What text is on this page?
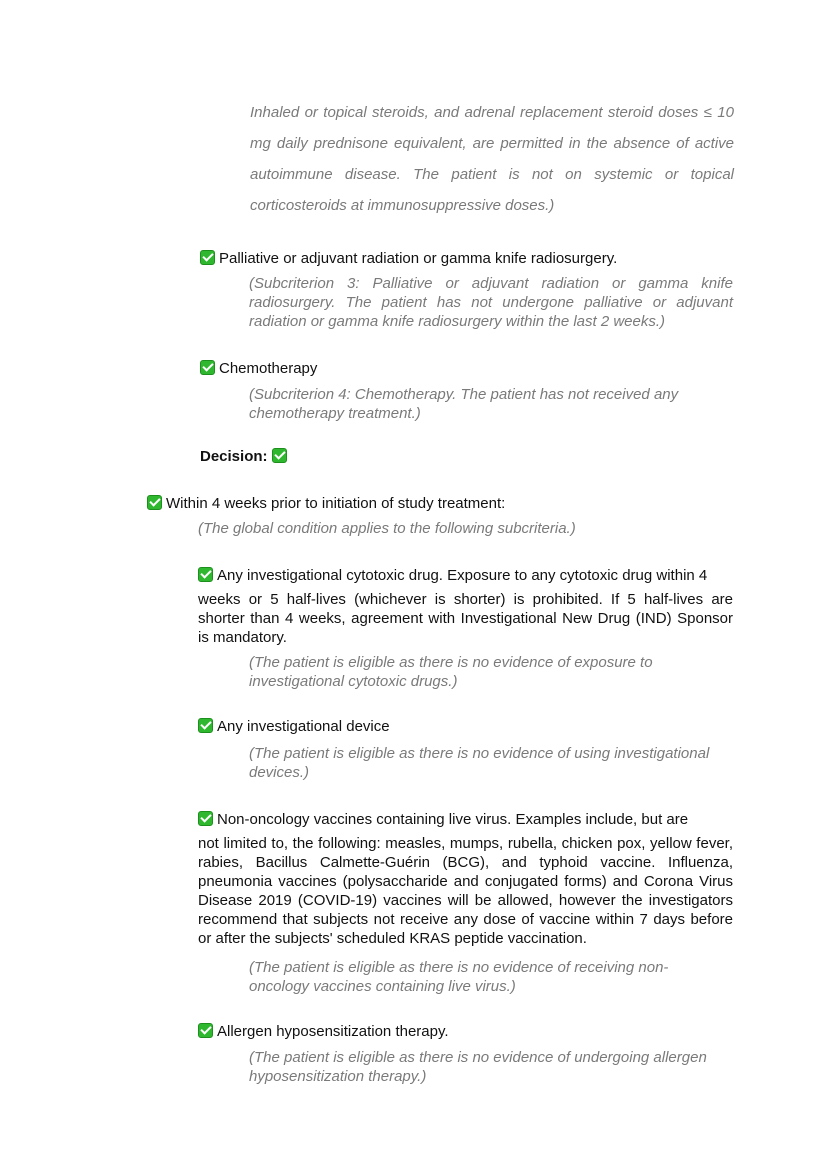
Inhaled or topical steroids, and adrenal replacement steroid doses ≤ 10 mg daily prednisone equivalent, are permitted in the absence of active autoimmune disease. The patient is not on systemic or topical corticosteroids at immunosuppressive doses.)

Palliative or adjuvant radiation or gamma knife radiosurgery.

(Subcriterion 3: Palliative or adjuvant radiation or gamma knife radiosurgery. The patient has not undergone palliative or adjuvant radiation or gamma knife radiosurgery within the last 2 weeks.)

Chemotherapy

(Subcriterion 4: Chemotherapy. The patient has not received any chemotherapy treatment.)

Decision:

Within 4 weeks prior to initiation of study treatment:

(The global condition applies to the following subcriteria.)

Any investigational cytotoxic drug. Exposure to any cytotoxic drug within 4

weeks or 5 half-lives (whichever is shorter) is prohibited. If 5 half-lives are shorter than 4 weeks, agreement with Investigational New Drug (IND) Sponsor is mandatory.

(The patient is eligible as there is no evidence of exposure to investigational cytotoxic drugs.)

Any investigational device

(The patient is eligible as there is no evidence of using investigational devices.)

Non-oncology vaccines containing live virus. Examples include, but are

not limited to, the following: measles, mumps, rubella, chicken pox, yellow fever, rabies, Bacillus Calmette-Guérin (BCG), and typhoid vaccine. Influenza, pneumonia vaccines (polysaccharide and conjugated forms) and Corona Virus Disease 2019 (COVID-19) vaccines will be allowed, however the investigators recommend that subjects not receive any dose of vaccine within 7 days before or after the subjects' scheduled KRAS peptide vaccination.

(The patient is eligible as there is no evidence of receiving non-oncology vaccines containing live virus.)

Allergen hyposensitization therapy.

(The patient is eligible as there is no evidence of undergoing allergen hyposensitization therapy.)
